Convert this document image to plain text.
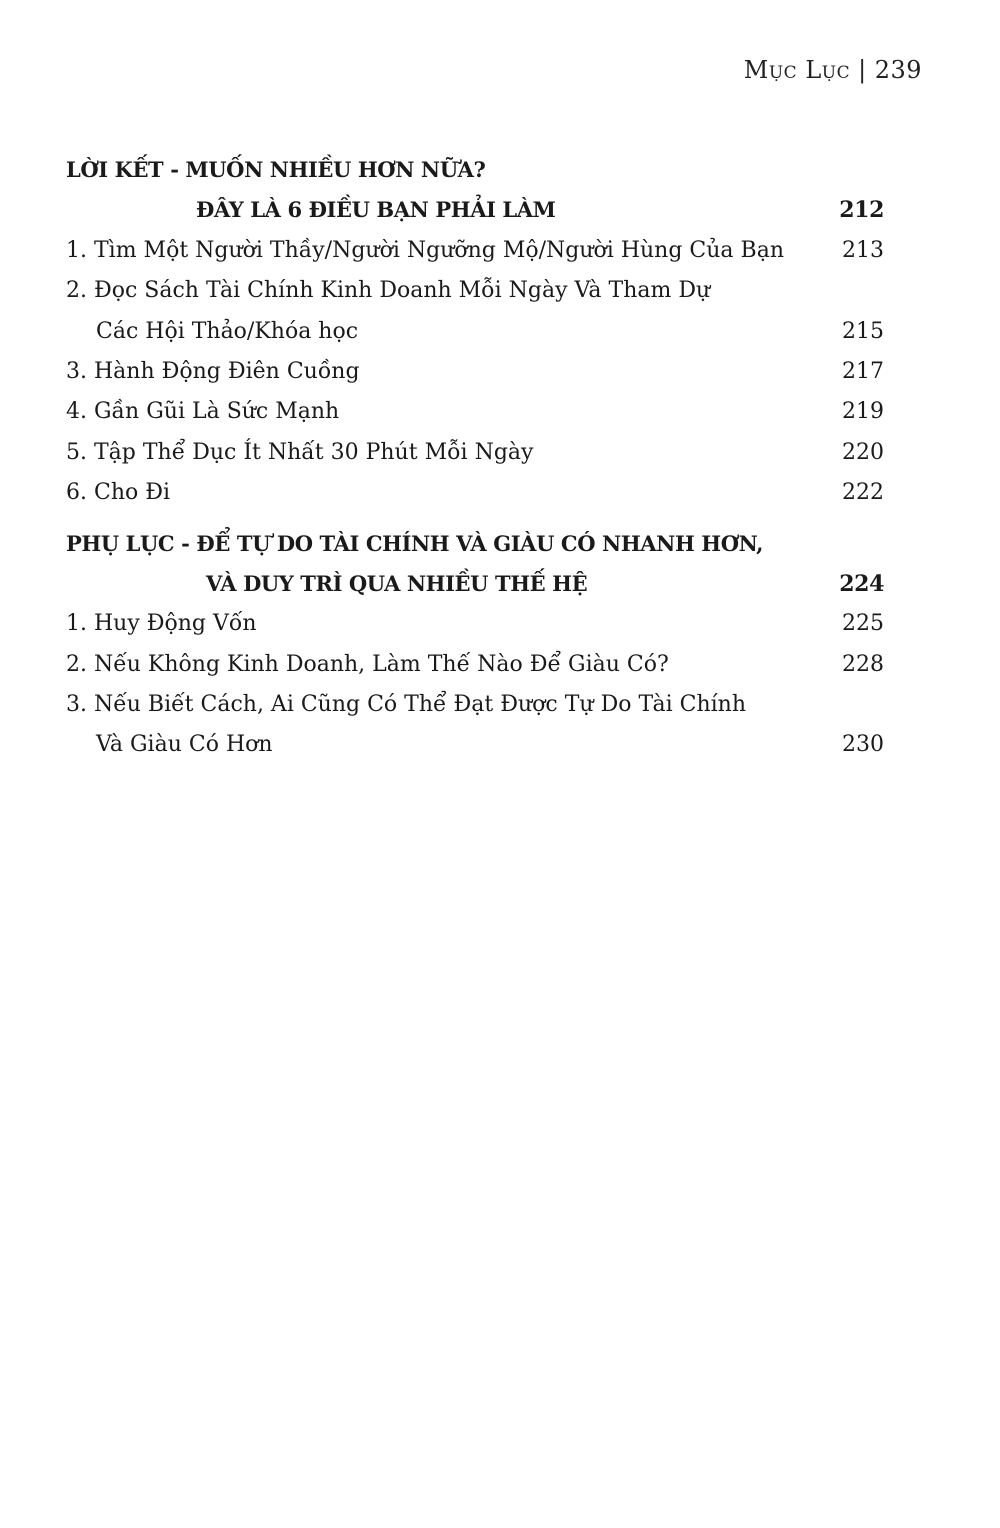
Mục Lục | 239
LỜI KẾT - MUỐN NHIỀU HƠN NỮA?
ĐÂY LÀ 6 ĐIỀU BẠN PHẢI LÀM	212
1. Tìm Một Người Thầy/Người Ngưỡng Mộ/Người Hùng Của Bạn	213
2. Đọc Sách Tài Chính Kinh Doanh Mỗi Ngày Và Tham Dự
Các Hội Thảo/Khóa học	215
3. Hành Động Điên Cuồng	217
4. Gần Gũi Là Sức Mạnh	219
5. Tập Thể Dục Ít Nhất 30 Phút Mỗi Ngày	220
6. Cho Đi	222
PHỤ LỤC - ĐỂ TỰ DO TÀI CHÍNH VÀ GIÀU CÓ NHANH HƠN,
VÀ DUY TRÌ QUA NHIỀU THẾ HỆ	224
1. Huy Động Vốn	225
2. Nếu Không Kinh Doanh, Làm Thế Nào Để Giàu Có?	228
3. Nếu Biết Cách, Ai Cũng Có Thể Đạt Được Tự Do Tài Chính
Và Giàu Có Hơn	230
